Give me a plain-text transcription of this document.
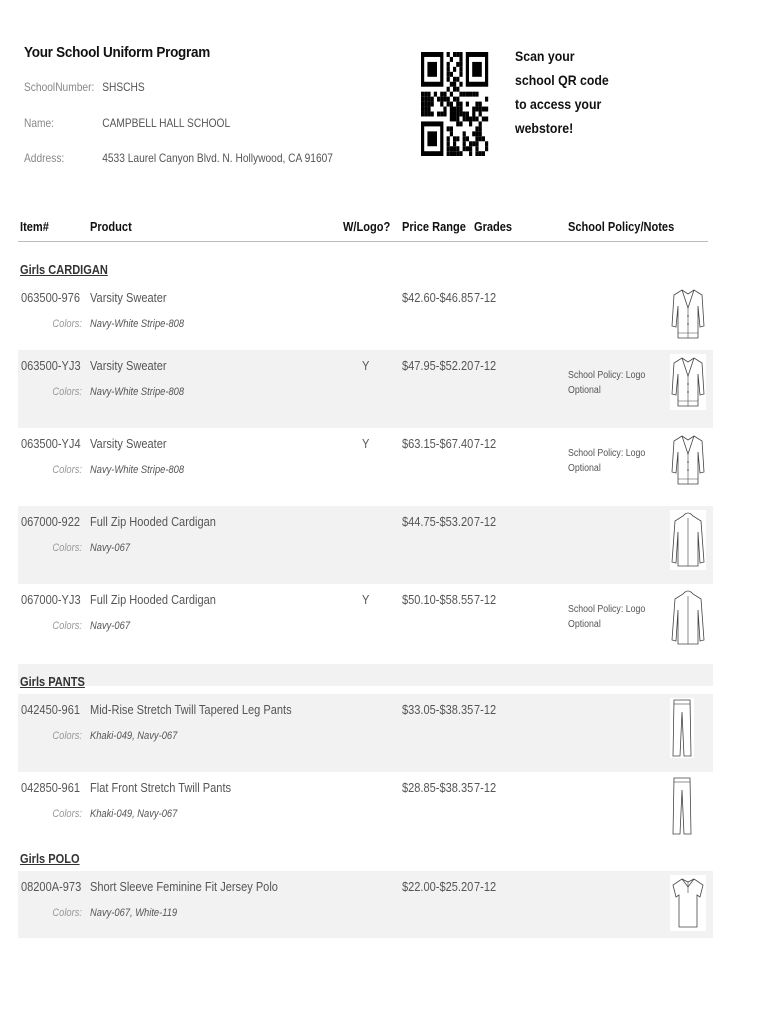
Your School Uniform Program
SchoolNumber: SHSCHS
Name:	CAMPBELL HALL SCHOOL
Address:	4533 Laurel Canyon Blvd. N. Hollywood, CA 91607
Scan your school QR code to access your webstore!
Item#	Product	W/Logo? Price Range Grades	School Policy/Notes
Girls CARDIGAN
063500-976 Varsity Sweater	$42.60-$46.85 7-12
Colors: Navy-White Stripe-808
063500-YJ3 Varsity Sweater	Y	$47.95-$52.20 7-12
Colors: Navy-White Stripe-808
School Policy: Logo Optional
063500-YJ4 Varsity Sweater	Y	$63.15-$67.40 7-12
Colors: Navy-White Stripe-808
School Policy: Logo Optional
067000-922 Full Zip Hooded Cardigan	$44.75-$53.20 7-12
Colors: Navy-067
067000-YJ3 Full Zip Hooded Cardigan	Y	$50.10-$58.55 7-12
Colors: Navy-067
School Policy: Logo Optional
Girls PANTS
042450-961 Mid-Rise Stretch Twill Tapered Leg Pants	$33.05-$38.35 7-12
Colors: Khaki-049, Navy-067
042850-961 Flat Front Stretch Twill Pants	$28.85-$38.35 7-12
Colors: Khaki-049, Navy-067
Girls POLO
08200A-973 Short Sleeve Feminine Fit Jersey Polo	$22.00-$25.20 7-12
Colors: Navy-067, White-119
